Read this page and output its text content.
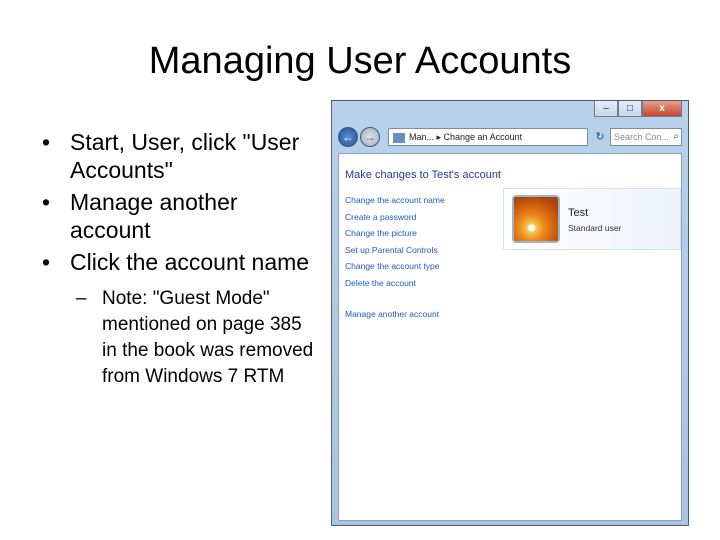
Managing User Accounts
• Start, User, click "User Accounts"
• Manage another account
• Click the account name
– Note: "Guest Mode" mentioned on page 385 in the book was removed from Windows 7 RTM
–	□	x
← →	Man... ▸ Change an Account	↻	Search Con... ⌕
Make changes to Test's account
Change the account name
Create a password
Change the picture
Set up Parental Controls
Change the account type
Delete the account
Manage another account
Test
Standard user
